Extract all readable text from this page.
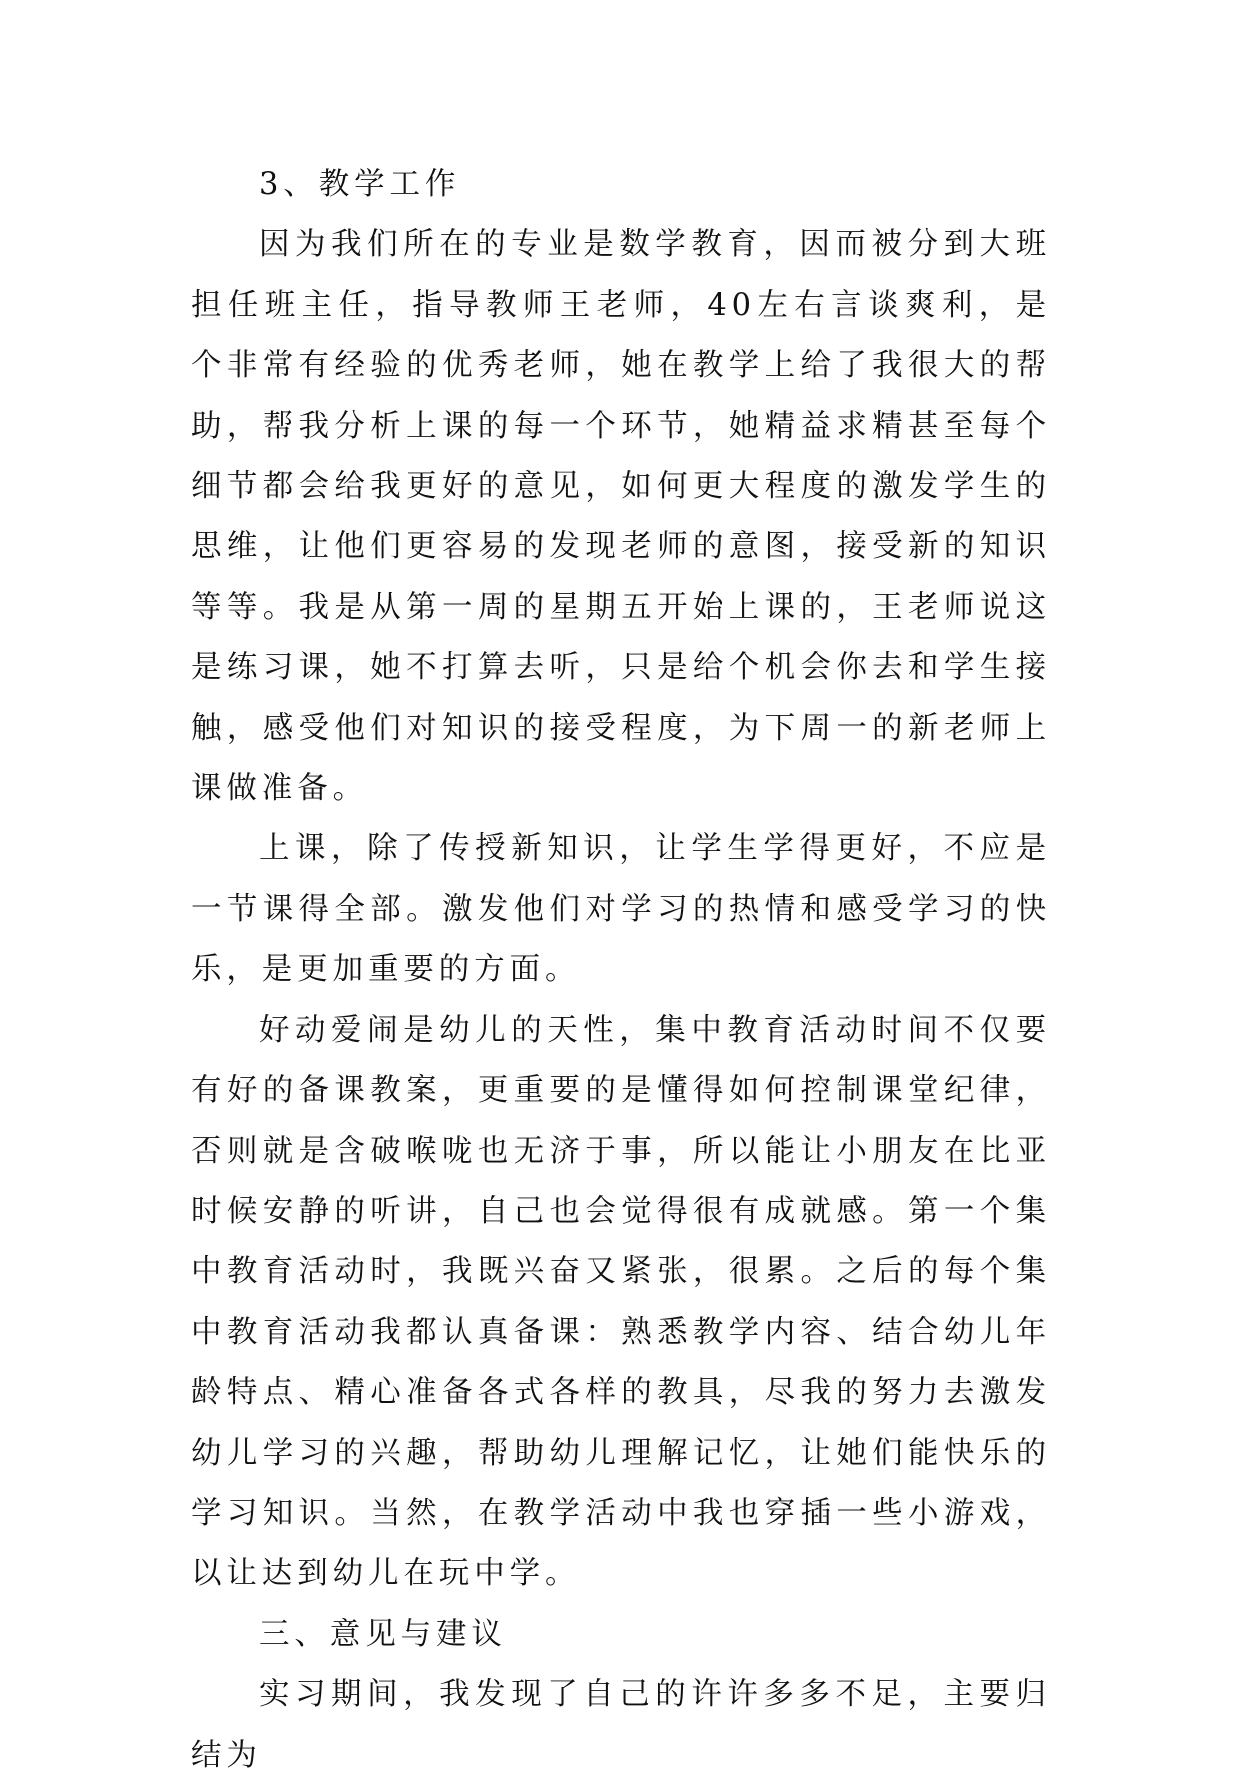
3、教学工作

因为我们所在的专业是数学教育，因而被分到大班担任班主任，指导教师王老师，40左右言谈爽利，是个非常有经验的优秀老师，她在教学上给了我很大的帮助，帮我分析上课的每一个环节，她精益求精甚至每个细节都会给我更好的意见，如何更大程度的激发学生的思维，让他们更容易的发现老师的意图，接受新的知识等等。我是从第一周的星期五开始上课的，王老师说这是练习课，她不打算去听，只是给个机会你去和学生接触，感受他们对知识的接受程度，为下周一的新老师上课做准备。

上课，除了传授新知识，让学生学得更好，不应是一节课得全部。激发他们对学习的热情和感受学习的快乐，是更加重要的方面。

好动爱闹是幼儿的天性，集中教育活动时间不仅要有好的备课教案，更重要的是懂得如何控制课堂纪律，否则就是含破喉咙也无济于事，所以能让小朋友在比亚时候安静的听讲，自己也会觉得很有成就感。第一个集中教育活动时，我既兴奋又紧张，很累。之后的每个集中教育活动我都认真备课：熟悉教学内容、结合幼儿年龄特点、精心准备各式各样的教具，尽我的努力去激发幼儿学习的兴趣，帮助幼儿理解记忆，让她们能快乐的学习知识。当然，在教学活动中我也穿插一些小游戏，以让达到幼儿在玩中学。

三、意见与建议

实习期间，我发现了自己的许许多多不足，主要归结为
